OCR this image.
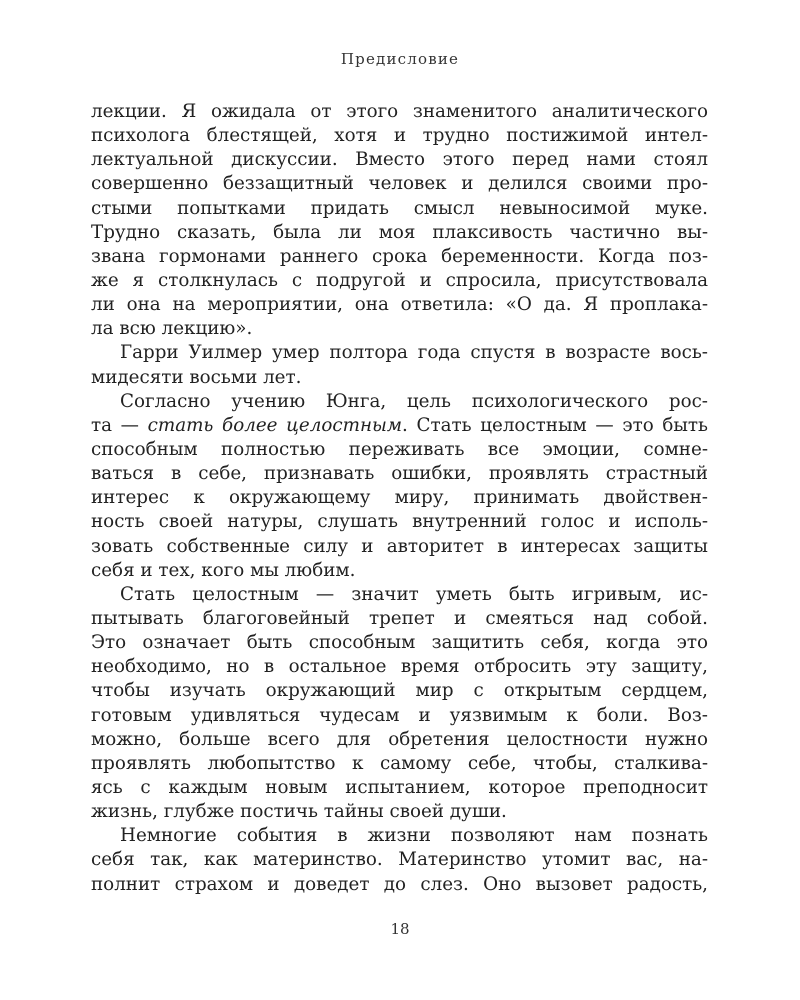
Предисловие
лекции. Я ожидала от этого знаменитого аналитического
психолога блестящей, хотя и трудно постижимой интел-
лектуальной дискуссии. Вместо этого перед нами стоял
совершенно беззащитный человек и делился своими про-
стыми попытками придать смысл невыносимой муке.
Трудно сказать, была ли моя плаксивость частично вы-
звана гормонами раннего срока беременности. Когда поз-
же я столкнулась с подругой и спросила, присутствовала
ли она на мероприятии, она ответила: «О да. Я проплака-
ла всю лекцию».
Гарри Уилмер умер полтора года спустя в возрасте вось-
мидесяти восьми лет.
Согласно учению Юнга, цель психологического рос-
та — стать более целостным. Стать целостным — это быть
способным полностью переживать все эмоции, сомне-
ваться в себе, признавать ошибки, проявлять страстный
интерес к окружающему миру, принимать двойствен-
ность своей натуры, слушать внутренний голос и исполь-
зовать собственные силу и авторитет в интересах защиты
себя и тех, кого мы любим.
Стать целостным — значит уметь быть игривым, ис-
пытывать благоговейный трепет и смеяться над собой.
Это означает быть способным защитить себя, когда это
необходимо, но в остальное время отбросить эту защиту,
чтобы изучать окружающий мир с открытым сердцем,
готовым удивляться чудесам и уязвимым к боли. Воз-
можно, больше всего для обретения целостности нужно
проявлять любопытство к самому себе, чтобы, сталкива-
ясь с каждым новым испытанием, которое преподносит
жизнь, глубже постичь тайны своей души.
Немногие события в жизни позволяют нам познать
себя так, как материнство. Материнство утомит вас, на-
полнит страхом и доведет до слез. Оно вызовет радость,
18
